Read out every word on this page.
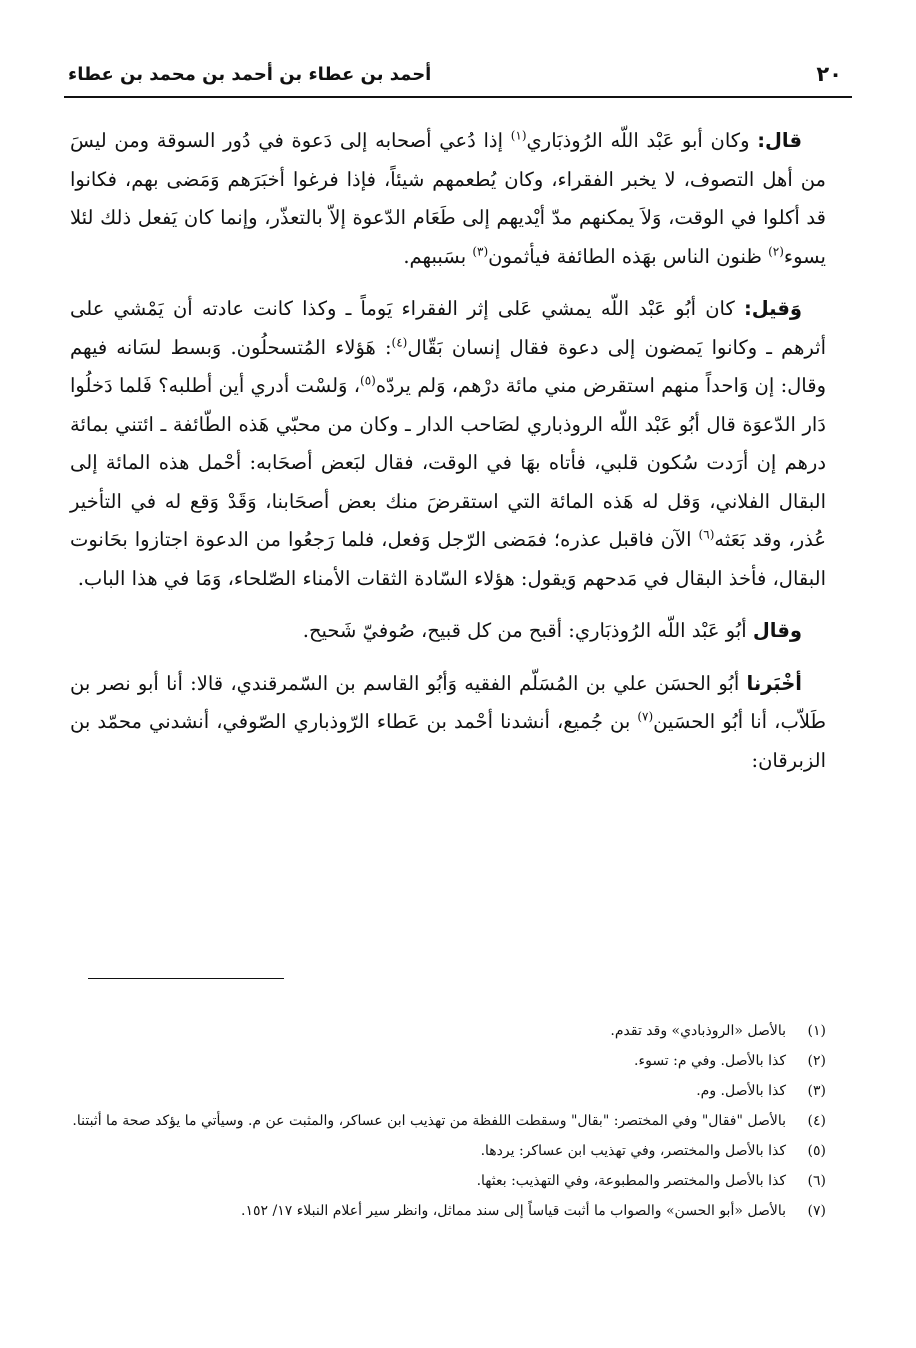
٢٠
أحمد بن عطاء بن أحمد بن محمد بن عطاء

قال: وكان أبو عَبْد اللّه الرُوذبَاري$^{(١)}$ إذا دُعي أصحابه إلى دَعوة في دُور السوقة ومن ليسَ من أهل التصوف، لا يخبر الفقراء، وكان يُطعمهم شيئاً، فإذا فرغوا أخبَرَهم وَمَضى بهم، فكانوا قد أكلوا في الوقت، وَلاَ يمكنهم مدّ أيْديهم إلى طَعَام الدّعوة إلاّ بالتعذّر، وإنما كان يَفعل ذلك لئلا يسوء$^{(٢)}$ ظنون الناس بهَذه الطائفة فيأثمون$^{(٣)}$ بسَببهم.

وَقيل: كان أبُو عَبْد اللّه يمشي عَلى إثر الفقراء يَوماً ـ وكذا كانت عادته أن يَمْشي على أثرهم ـ وكانوا يَمضون إلى دعوة فقال إنسان بَقّال$^{(٤)}$: هَؤلاء المُتسحلُون. وَبسط لسَانه فيهم وقال: إن وَاحداً منهم استقرض مني مائة درْهم، وَلم يردّه$^{(٥)}$، وَلسْت أدري أين أطلبه؟ فَلما دَخلُوا دَار الدّعوَة قال أبُو عَبْد اللّه الروذباري لصَاحب الدار ـ وكان من محبّي هَذه الطّائفة ـ ائتني بمائة درهم إن أرَدت سُكون قلبي، فأتاه بهَا في الوقت، فقال لبَعض أصحَابه: أحْمل هذه المائة إلى البقال الفلاني، وَقل له هَذه المائة التي استقرضَ منك بعض أصحَابنا، وَقَدْ وَقع له في التأخير عُذر، وقد بَعَثه$^{(٦)}$ الآن فاقبل عذره؛ فمَضى الرّجل وَفعل، فلما رَجعُوا من الدعوة اجتازوا بحَانوت البقال، فأخذ البقال في مَدحهم وَيقول: هؤلاء السّادة الثقات الأمناء الصّلحاء، وَمَا في هذا الباب.

وقال أبُو عَبْد اللّه الرُوذبَاري: أقبح من كل قبيح، صُوفيّ شَحيح.

أخْبَرنا أبُو الحسَن علي بن المُسَلّم الفقيه وَأبُو القاسم بن السّمرقندي، قالا: أنا أبو نصر بن طَلاّب، أنا أبُو الحسَين$^{(٧)}$ بن جُميع، أنشدنا أحْمد بن عَطاء الرّوذباري الصّوفي، أنشدني محمّد بن الزبرقان:

(١)
بالأصل «الروذبادي» وقد تقدم.
(٢)
كذا بالأصل. وفي م: تسوء.
(٣)
كذا بالأصل. وم.
(٤)
بالأصل "فقال" وفي المختصر: "بقال" وسقطت اللفظة من تهذيب ابن عساكر، والمثبت عن م. وسيأتي ما يؤكد صحة ما أثبتنا.
(٥)
كذا بالأصل والمختصر، وفي تهذيب ابن عساكر: يردها.
(٦)
كذا بالأصل والمختصر والمطبوعة، وفي التهذيب: بعثها.
(٧)
بالأصل «أبو الحسن» والصواب ما أثبت قياساً إلى سند مماثل، وانظر سير أعلام النبلاء ١٧/ ١٥٢.
